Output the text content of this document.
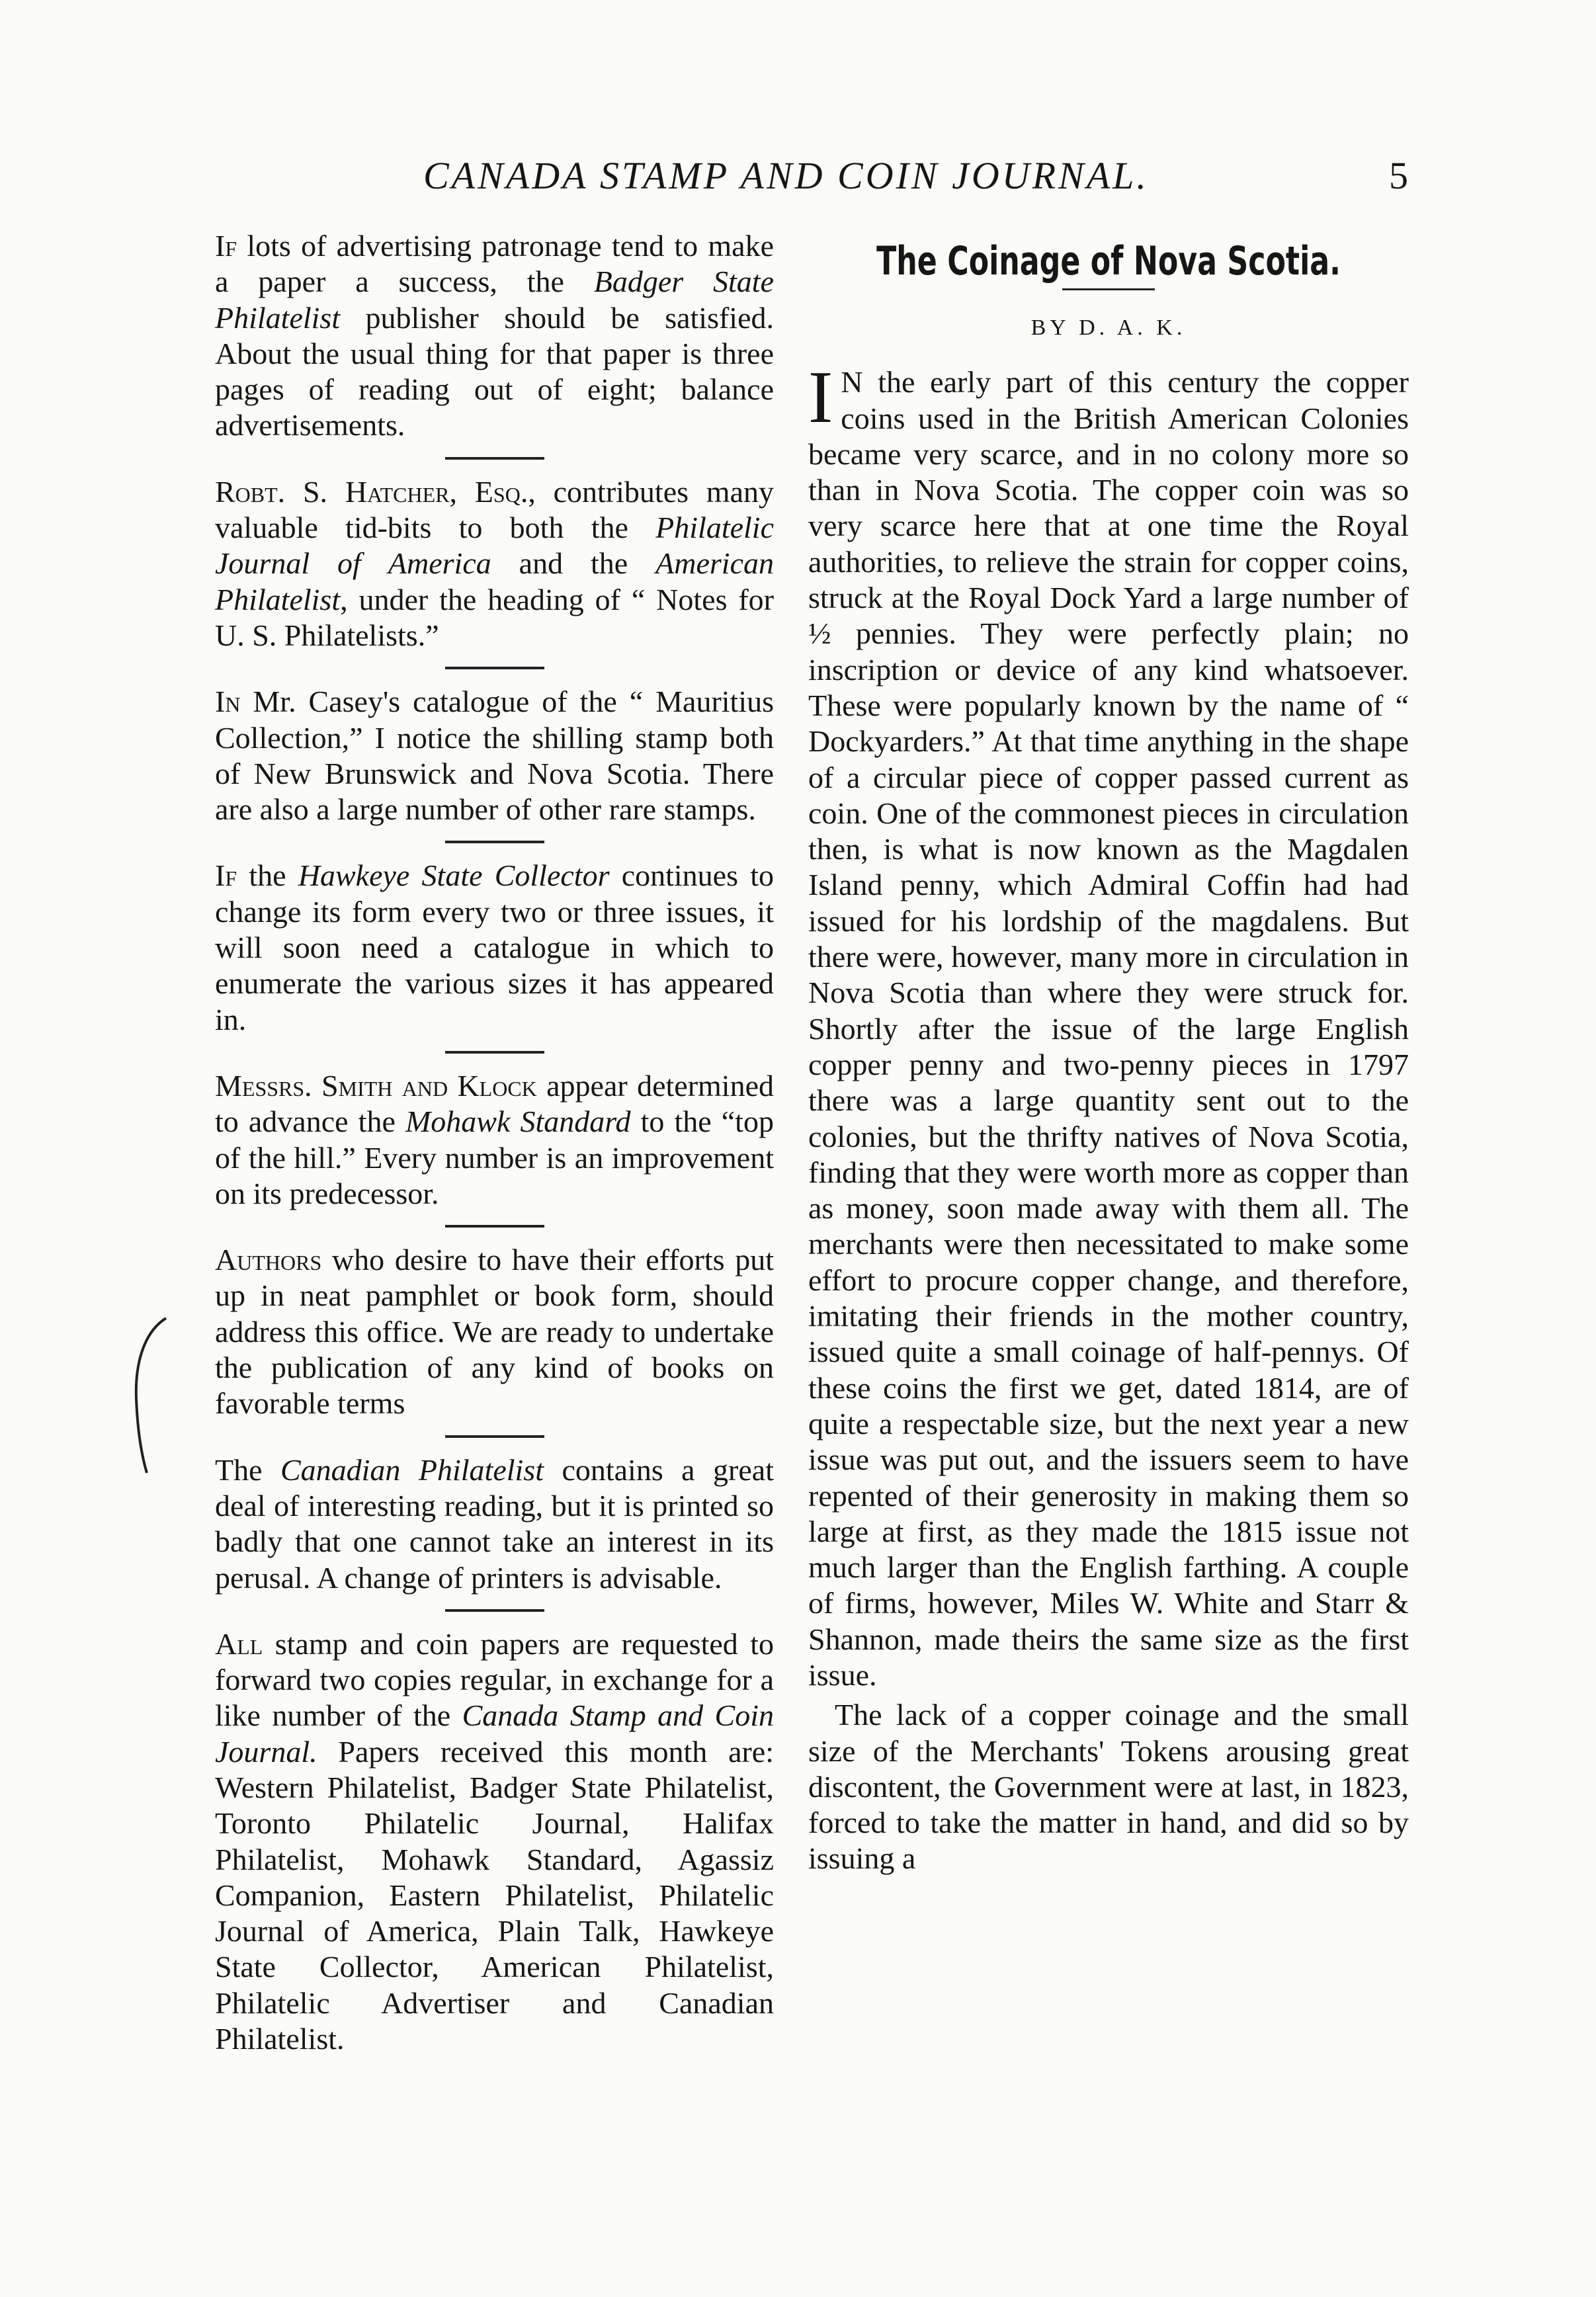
CANADA STAMP AND COIN JOURNAL.	5

If lots of advertising patronage tend to make a paper a success, the Badger State Philatelist publisher should be satisfied. About the usual thing for that paper is three pages of reading out of eight; balance advertisements.

Robt. S. Hatcher, Esq., contributes many valuable tid-bits to both the Philatelic Journal of America and the American Philatelist, under the heading of “ Notes for U. S. Philatelists.”

In Mr. Casey's catalogue of the “ Mauritius Collection,” I notice the shilling stamp both of New Brunswick and Nova Scotia. There are also a large number of other rare stamps.

If the Hawkeye State Collector continues to change its form every two or three issues, it will soon need a catalogue in which to enumerate the various sizes it has appeared in.

Messrs. Smith and Klock appear determined to advance the Mohawk Standard to the “top of the hill.” Every number is an improvement on its predecessor.

Authors who desire to have their efforts put up in neat pamphlet or book form, should address this office. We are ready to undertake the publication of any kind of books on favorable terms

The Canadian Philatelist contains a great deal of interesting reading, but it is printed so badly that one cannot take an interest in its perusal. A change of printers is advisable.

All stamp and coin papers are requested to forward two copies regular, in exchange for a like number of the Canada Stamp and Coin Journal. Papers received this month are: Western Philatelist, Badger State Philatelist, Toronto Philatelic Journal, Halifax Philatelist, Mohawk Standard, Agassiz Companion, Eastern Philatelist, Philatelic Journal of America, Plain Talk, Hawkeye State Collector, American Philatelist, Philatelic Advertiser and Canadian Philatelist.

The Coinage of Nova Scotia.
BY D. A. K.

I N the early part of this century the copper coins used in the British American Colonies became very scarce, and in no colony more so than in Nova Scotia. The copper coin was so very scarce here that at one time the Royal authorities, to relieve the strain for copper coins, struck at the Royal Dock Yard a large number of ½ pennies. They were perfectly plain; no inscription or device of any kind whatsoever. These were popularly known by the name of “ Dockyarders.” At that time anything in the shape of a circular piece of copper passed current as coin. One of the commonest pieces in circulation then, is what is now known as the Magdalen Island penny, which Admiral Coffin had had issued for his lordship of the magdalens. But there were, however, many more in circulation in Nova Scotia than where they were struck for. Shortly after the issue of the large English copper penny and two-penny pieces in 1797 there was a large quantity sent out to the colonies, but the thrifty natives of Nova Scotia, finding that they were worth more as copper than as money, soon made away with them all. The merchants were then necessitated to make some effort to procure copper change, and therefore, imitating their friends in the mother country, issued quite a small coinage of half-pennys. Of these coins the first we get, dated 1814, are of quite a respectable size, but the next year a new issue was put out, and the issuers seem to have repented of their generosity in making them so large at first, as they made the 1815 issue not much larger than the English farthing. A couple of firms, however, Miles W. White and Starr & Shannon, made theirs the same size as the first issue.

The lack of a copper coinage and the small size of the Merchants' Tokens arousing great discontent, the Government were at last, in 1823, forced to take the matter in hand, and did so by issuing a
